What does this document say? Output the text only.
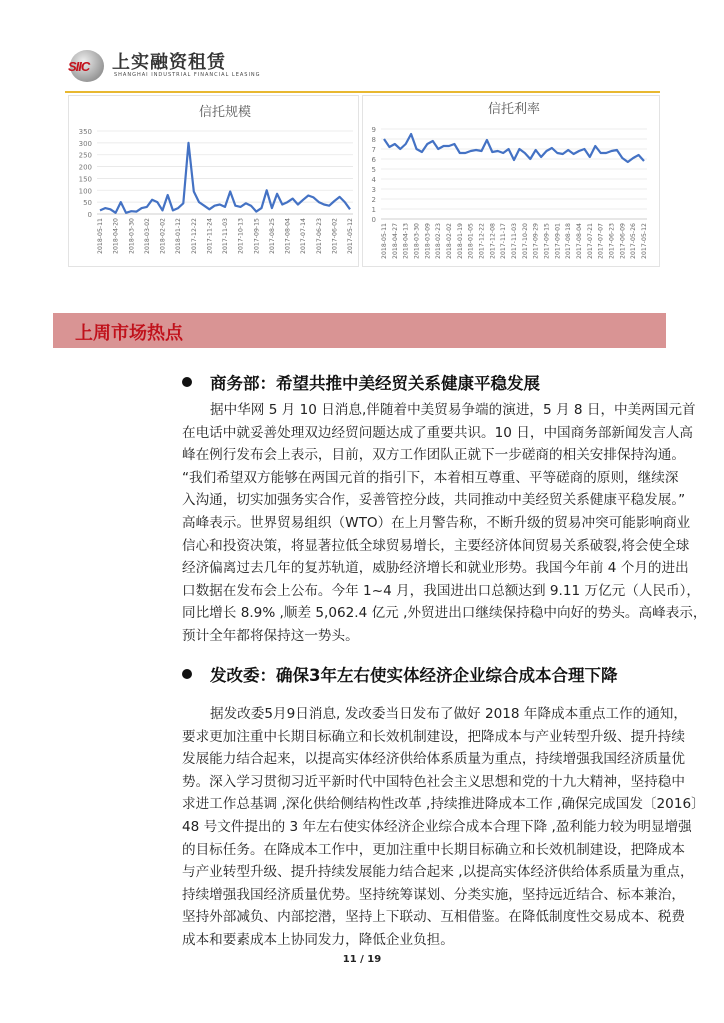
SIIC 上实融资租赁
SHANGHAI INDUSTRIAL FINANCIAL LEASING
信托规模
0
50
100
150
200
250
300
350
2018-05-11 2018-04-20 2018-03-30 2018-03-02 2018-02-02 2018-01-12 2017-12-22 2017-11-24 2017-11-03 2017-10-13 2017-09-15 2017-08-25 2017-08-04 2017-07-14 2017-06-23 2017-06-02 2017-05-12
信托利率
0
1
2
3
4
5
6
7
8
9
2018-05-11 2018-04-27 2018-04-13 2018-03-30 2018-03-09 2018-02-23 2018-02-02 2018-01-19 2018-01-05 2017-12-22 2017-12-08 2017-11-17 2017-11-03 2017-10-20 2017-09-29 2017-09-15 2017-09-01 2017-08-18 2017-08-04 2017-07-21 2017-07-07 2017-06-23 2017-06-09 2017-05-26 2017-05-12
上周市场热点
商务部：希望共推中美经贸关系健康平稳发展
据中华网 5 月 10 日消息,伴随着中美贸易争端的演进，5 月 8 日，中美两国元首
在电话中就妥善处理双边经贸问题达成了重要共识。10 日，中国商务部新闻发言人高
峰在例行发布会上表示，目前，双方工作团队正就下一步磋商的相关安排保持沟通。
“我们希望双方能够在两国元首的指引下，本着相互尊重、平等磋商的原则，继续深
入沟通，切实加强务实合作，妥善管控分歧，共同推动中美经贸关系健康平稳发展。”
高峰表示。世界贸易组织（WTO）在上月警告称，不断升级的贸易冲突可能影响商业
信心和投资决策，将显著拉低全球贸易增长，主要经济体间贸易关系破裂,将会使全球
经济偏离过去几年的复苏轨道，威胁经济增长和就业形势。我国今年前 4 个月的进出
口数据在发布会上公布。今年 1~4 月，我国进出口总额达到 9.11 万亿元（人民币），
同比增长 8.9% ,顺差 5,062.4 亿元 ,外贸进出口继续保持稳中向好的势头。高峰表示，
预计全年都将保持这一势头。
发改委：确保3年左右使实体经济企业综合成本合理下降
据发改委5月9日消息, 发改委当日发布了做好 2018 年降成本重点工作的通知，
要求更加注重中长期目标确立和长效机制建设，把降成本与产业转型升级、提升持续
发展能力结合起来，以提高实体经济供给体系质量为重点，持续增强我国经济质量优
势。深入学习贯彻习近平新时代中国特色社会主义思想和党的十九大精神，坚持稳中
求进工作总基调 ,深化供给侧结构性改革 ,持续推进降成本工作 ,确保完成国发〔2016〕
48 号文件提出的 3 年左右使实体经济企业综合成本合理下降 ,盈利能力较为明显增强
的目标任务。在降成本工作中，更加注重中长期目标确立和长效机制建设，把降成本
与产业转型升级、提升持续发展能力结合起来 ,以提高实体经济供给体系质量为重点，
持续增强我国经济质量优势。坚持统筹谋划、分类实施，坚持远近结合、标本兼治，
坚持外部减负、内部挖潜，坚持上下联动、互相借鉴。在降低制度性交易成本、税费
成本和要素成本上协同发力，降低企业负担。
11 / 19
